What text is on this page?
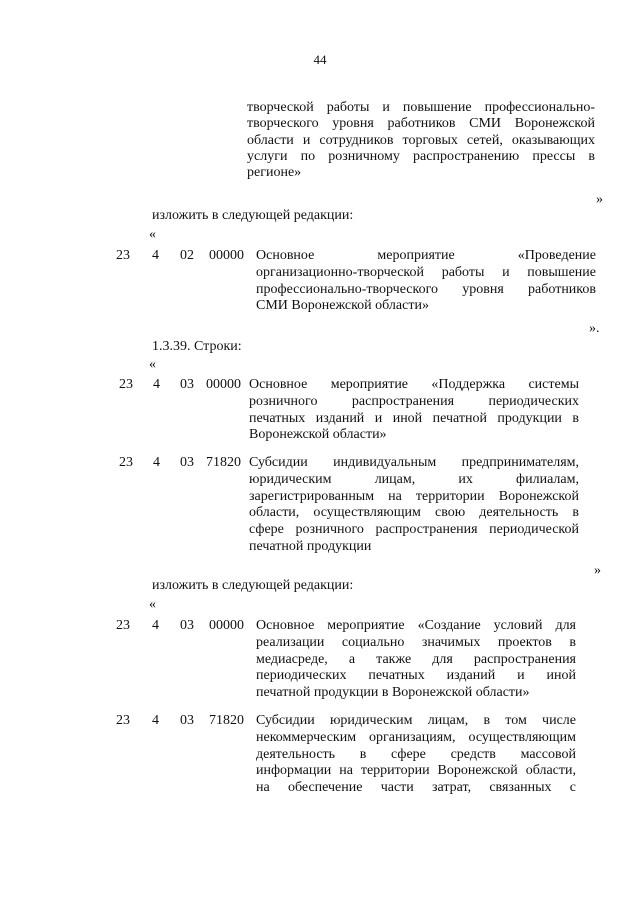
44
творческой работы и повышение профессионально-
творческого уровня работников СМИ Воронежской
области и сотрудников торговых сетей, оказывающих
услуги по розничному распространению прессы в
регионе»
»
изложить в следующей редакции:
«
23 4 02 00000 Основное мероприятие «Проведение
организационно-творческой работы и повышение
профессионально-творческого уровня работников
СМИ Воронежской области»
».
1.3.39. Строки:
«
23 4 03 00000 Основное мероприятие «Поддержка системы
розничного распространения периодических
печатных изданий и иной печатной продукции в
Воронежской области»
23 4 03 71820 Субсидии индивидуальным предпринимателям,
юридическим лицам, их филиалам,
зарегистрированным на территории Воронежской
области, осуществляющим свою деятельность в
сфере розничного распространения периодической
печатной продукции
»
изложить в следующей редакции:
«
23 4 03 00000 Основное мероприятие «Создание условий для
реализации социально значимых проектов в
медиасреде, а также для распространения
периодических печатных изданий и иной
печатной продукции в Воронежской области»
23 4 03 71820 Субсидии юридическим лицам, в том числе
некоммерческим организациям, осуществляющим
деятельность в сфере средств массовой
информации на территории Воронежской области,
на обеспечение части затрат, связанных с
